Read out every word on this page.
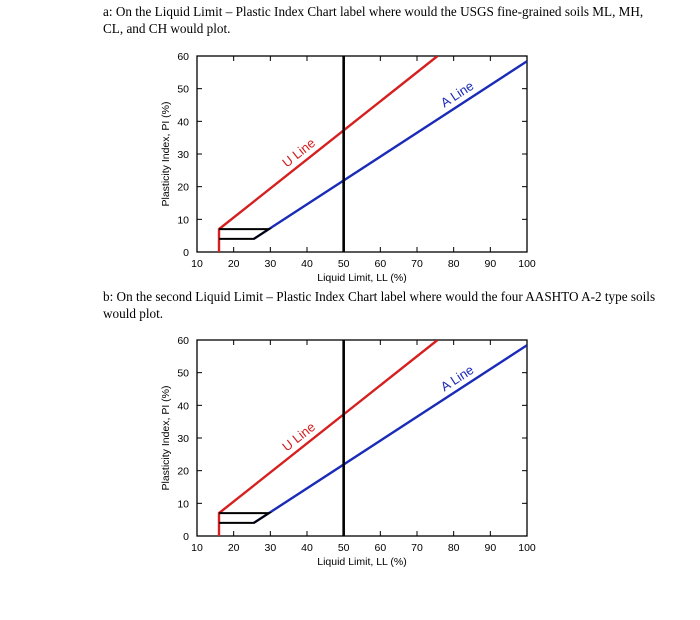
a: On the Liquid Limit – Plastic Index Chart label where would the USGS fine-grained soils ML, MH, CL, and CH would plot.

10 20 30 40 50 60 70 80 90 100
0
10
20
30
40
50
60
Liquid Limit, LL (%)
Plasticity Index, PI (%)	U Line
A Line

b: On the second Liquid Limit – Plastic Index Chart label where would the four AASHTO A-2 type soils would plot.

10 20 30 40 50 60 70 80 90 100
0
10
20
30
40
50
60
Liquid Limit, LL (%)
Plasticity Index, PI (%)	U Line
A Line
